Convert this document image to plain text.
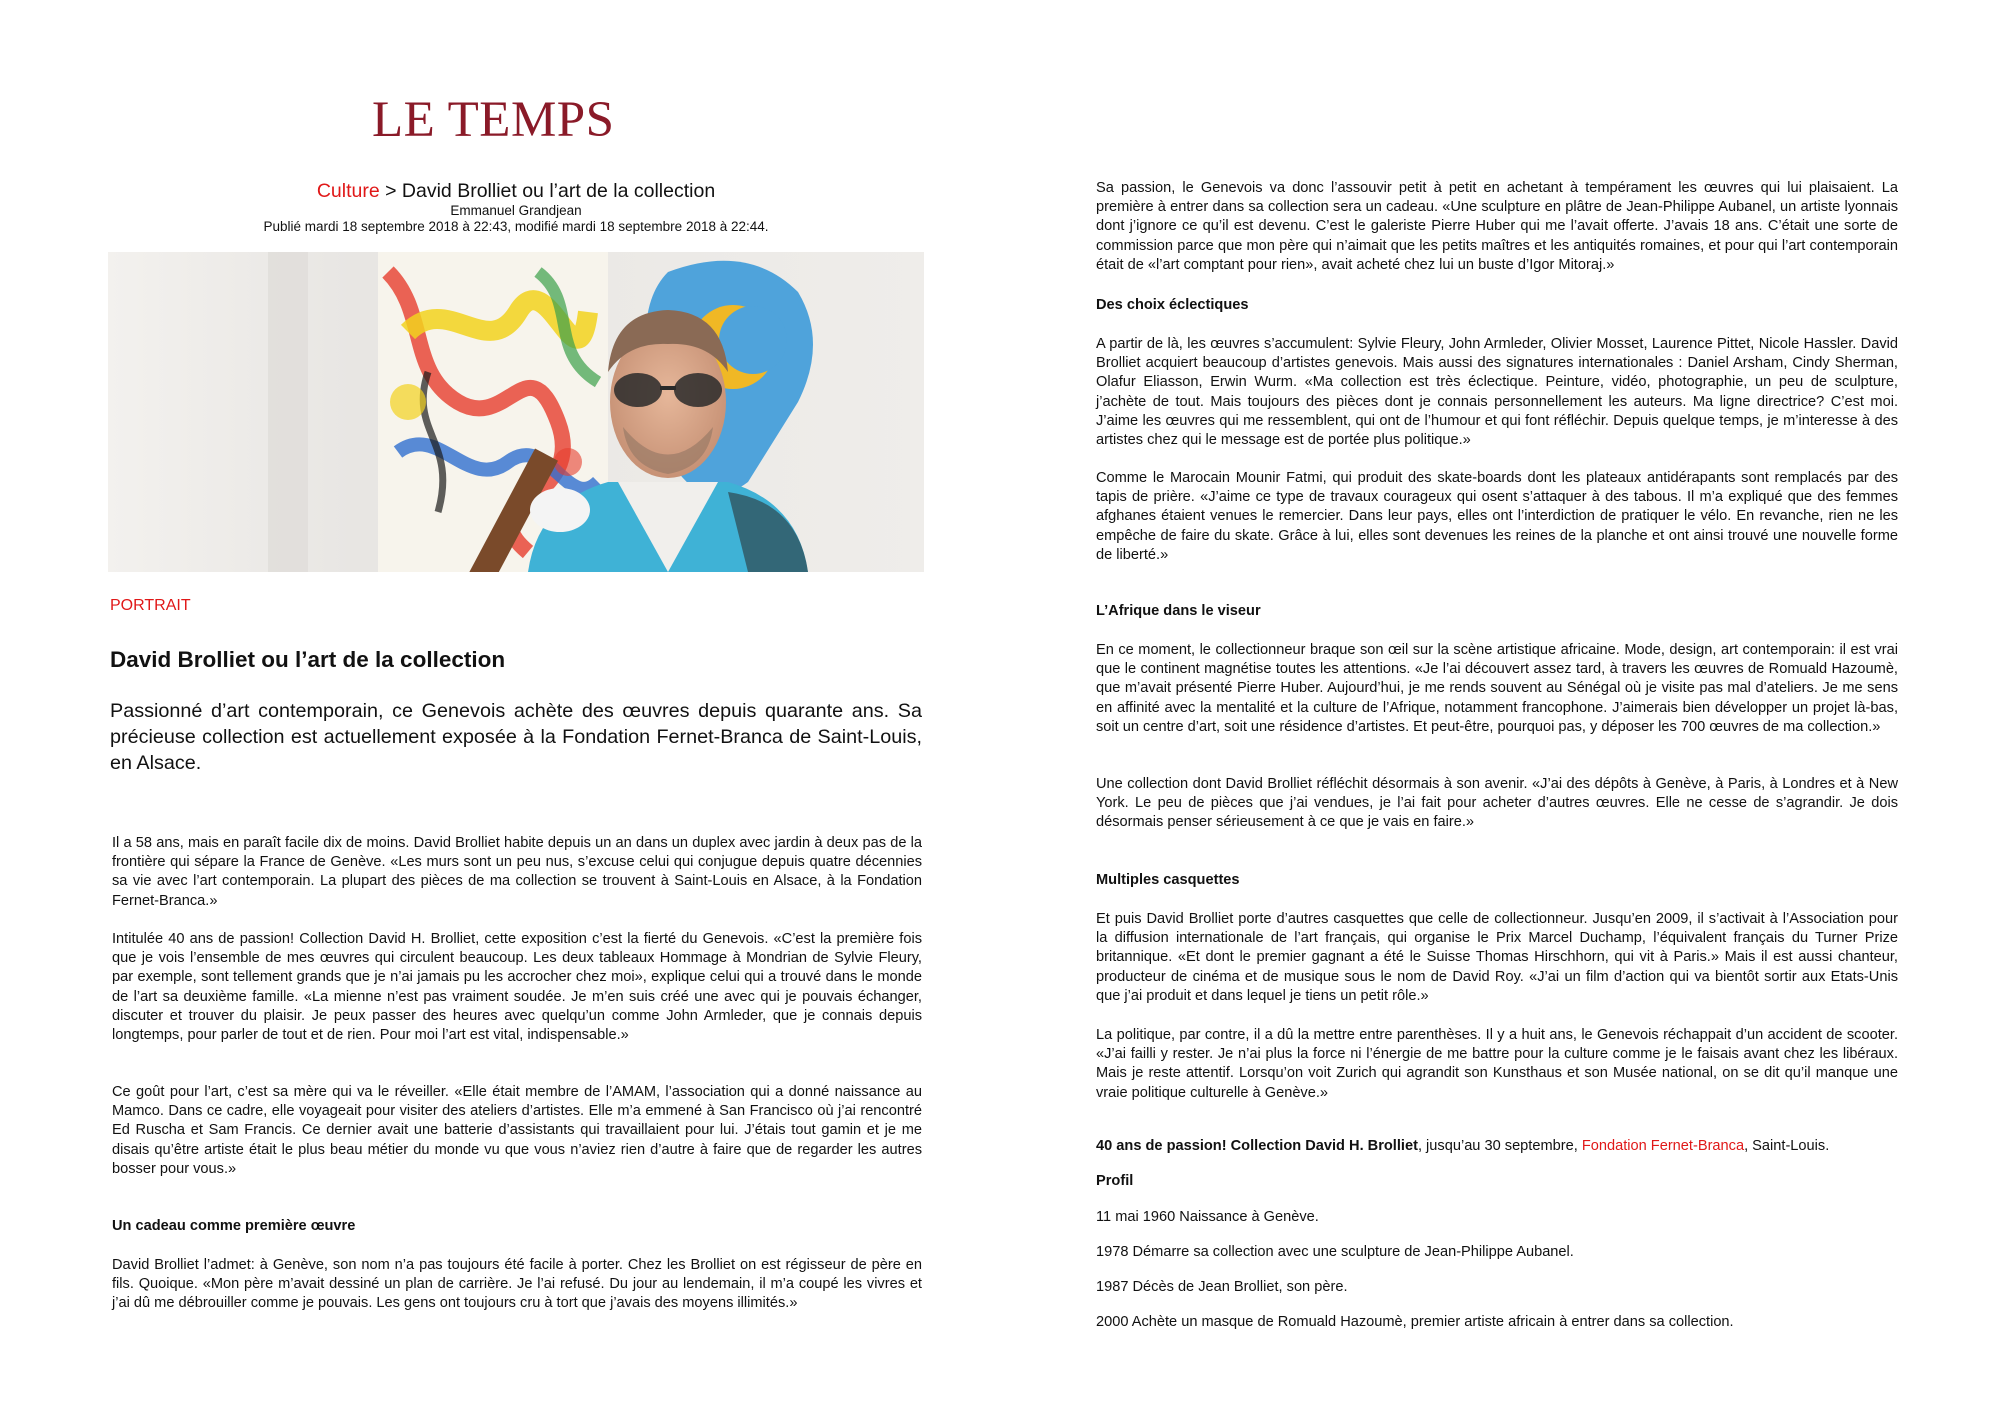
LE TEMPS
Culture > David Brolliet ou l’art de la collection
Emmanuel Grandjean
Publié mardi 18 septembre 2018 à 22:43, modifié mardi 18 septembre 2018 à 22:44.
PORTRAIT
David Brolliet ou l’art de la collection

Passionné d’art contemporain, ce Genevois achète des œuvres depuis quarante ans. Sa précieuse collection est actuellement exposée à la Fondation Fernet-Branca de Saint-Louis, en Alsace.

Il a 58 ans, mais en paraît facile dix de moins. David Brolliet habite depuis un an dans un duplex avec jardin à deux pas de la frontière qui sépare la France de Genève. «Les murs sont un peu nus, s’excuse celui qui conjugue depuis quatre décennies sa vie avec l’art contemporain. La plupart des pièces de ma collection se trouvent à Saint-Louis en Alsace, à la Fondation Fernet-Branca.»
Intitulée 40 ans de passion! Collection David H. Brolliet, cette exposition c’est la fierté du Genevois. «C’est la première fois que je vois l’ensemble de mes œuvres qui circulent beaucoup. Les deux tableaux Hommage à Mondrian de Sylvie Fleury, par exemple, sont tellement grands que je n’ai jamais pu les accrocher chez moi», explique celui qui a trouvé dans le monde de l’art sa deuxième famille. «La mienne n’est pas vraiment soudée. Je m’en suis créé une avec qui je pouvais échanger, discuter et trouver du plaisir. Je peux passer des heures avec quelqu’un comme John Armleder, que je connais depuis longtemps, pour parler de tout et de rien. Pour moi l’art est vital, indispensable.»
Ce goût pour l’art, c’est sa mère qui va le réveiller. «Elle était membre de l’AMAM, l’association qui a donné naissance au Mamco. Dans ce cadre, elle voyageait pour visiter des ateliers d’artistes. Elle m’a emmené à San Francisco où j’ai rencontré Ed Ruscha et Sam Francis. Ce dernier avait une batterie d’assistants qui travaillaient pour lui. J’étais tout gamin et je me disais qu’être artiste était le plus beau métier du monde vu que vous n’aviez rien d’autre à faire que de regarder les autres bosser pour vous.»
Un cadeau comme première œuvre
David Brolliet l’admet: à Genève, son nom n’a pas toujours été facile à porter. Chez les Brolliet on est régisseur de père en fils. Quoique. «Mon père m’avait dessiné un plan de carrière. Je l’ai refusé. Du jour au lendemain, il m’a coupé les vivres et j’ai dû me débrouiller comme je pouvais. Les gens ont toujours cru à tort que j’avais des moyens illimités.»
Sa passion, le Genevois va donc l’assouvir petit à petit en achetant à tempérament les œuvres qui lui plaisaient. La première à entrer dans sa collection sera un cadeau. «Une sculpture en plâtre de Jean-Philippe Aubanel, un artiste lyonnais dont j’ignore ce qu’il est devenu. C’est le galeriste Pierre Huber qui me l’avait offerte. J’avais 18 ans. C’était une sorte de commission parce que mon père qui n’aimait que les petits maîtres et les antiquités romaines, et pour qui l’art contemporain était de «l’art comptant pour rien», avait acheté chez lui un buste d’Igor Mitoraj.»
Des choix éclectiques
A partir de là, les œuvres s’accumulent: Sylvie Fleury, John Armleder, Olivier Mosset, Laurence Pittet, Nicole Hassler. David Brolliet acquiert beaucoup d’artistes genevois. Mais aussi des signatures internationales : Daniel Arsham, Cindy Sherman, Olafur Eliasson, Erwin Wurm. «Ma collection est très éclectique. Peinture, vidéo, photographie, un peu de sculpture, j’achète de tout. Mais toujours des pièces dont je connais personnellement les auteurs. Ma ligne directrice? C’est moi. J’aime les œuvres qui me ressemblent, qui ont de l’humour et qui font réfléchir. Depuis quelque temps, je m’interesse à des artistes chez qui le message est de portée plus politique.»
Comme le Marocain Mounir Fatmi, qui produit des skate-boards dont les plateaux antidérapants sont remplacés par des tapis de prière. «J’aime ce type de travaux courageux qui osent s’attaquer à des tabous. Il m’a expliqué que des femmes afghanes étaient venues le remercier. Dans leur pays, elles ont l’interdiction de pratiquer le vélo. En revanche, rien ne les empêche de faire du skate. Grâce à lui, elles sont devenues les reines de la planche et ont ainsi trouvé une nouvelle forme de liberté.»
L’Afrique dans le viseur
En ce moment, le collectionneur braque son œil sur la scène artistique africaine. Mode, design, art contemporain: il est vrai que le continent magnétise toutes les attentions. «Je l’ai découvert assez tard, à travers les œuvres de Romuald Hazoumè, que m’avait présenté Pierre Huber. Aujourd’hui, je me rends souvent au Sénégal où je visite pas mal d’ateliers. Je me sens en affinité avec la mentalité et la culture de l’Afrique, notamment francophone. J’aimerais bien développer un projet là-bas, soit un centre d’art, soit une résidence d’artistes. Et peut-être, pourquoi pas, y déposer les 700 œuvres de ma collection.»
Une collection dont David Brolliet réfléchit désormais à son avenir. «J’ai des dépôts à Genève, à Paris, à Londres et à New York. Le peu de pièces que j’ai vendues, je l’ai fait pour acheter d’autres œuvres. Elle ne cesse de s’agrandir. Je dois désormais penser sérieusement à ce que je vais en faire.»
Multiples casquettes
Et puis David Brolliet porte d’autres casquettes que celle de collectionneur. Jusqu’en 2009, il s’activait à l’Association pour la diffusion internationale de l’art français, qui organise le Prix Marcel Duchamp, l’équivalent français du Turner Prize britannique. «Et dont le premier gagnant a été le Suisse Thomas Hirschhorn, qui vit à Paris.» Mais il est aussi chanteur, producteur de cinéma et de musique sous le nom de David Roy. «J’ai un film d’action qui va bientôt sortir aux Etats-Unis que j’ai produit et dans lequel je tiens un petit rôle.»
La politique, par contre, il a dû la mettre entre parenthèses. Il y a huit ans, le Genevois réchappait d’un accident de scooter. «J’ai failli y rester. Je n’ai plus la force ni l’énergie de me battre pour la culture comme je le faisais avant chez les libéraux. Mais je reste attentif. Lorsqu’on voit Zurich qui agrandit son Kunsthaus et son Musée national, on se dit qu’il manque une vraie politique culturelle à Genève.»
40 ans de passion! Collection David H. Brolliet, jusqu’au 30 septembre, Fondation Fernet-Branca, Saint-Louis.
Profil
11 mai 1960 Naissance à Genève.
1978 Démarre sa collection avec une sculpture de Jean-Philippe Aubanel.
1987 Décès de Jean Brolliet, son père.
2000 Achète un masque de Romuald Hazoumè, premier artiste africain à entrer dans sa collection.
